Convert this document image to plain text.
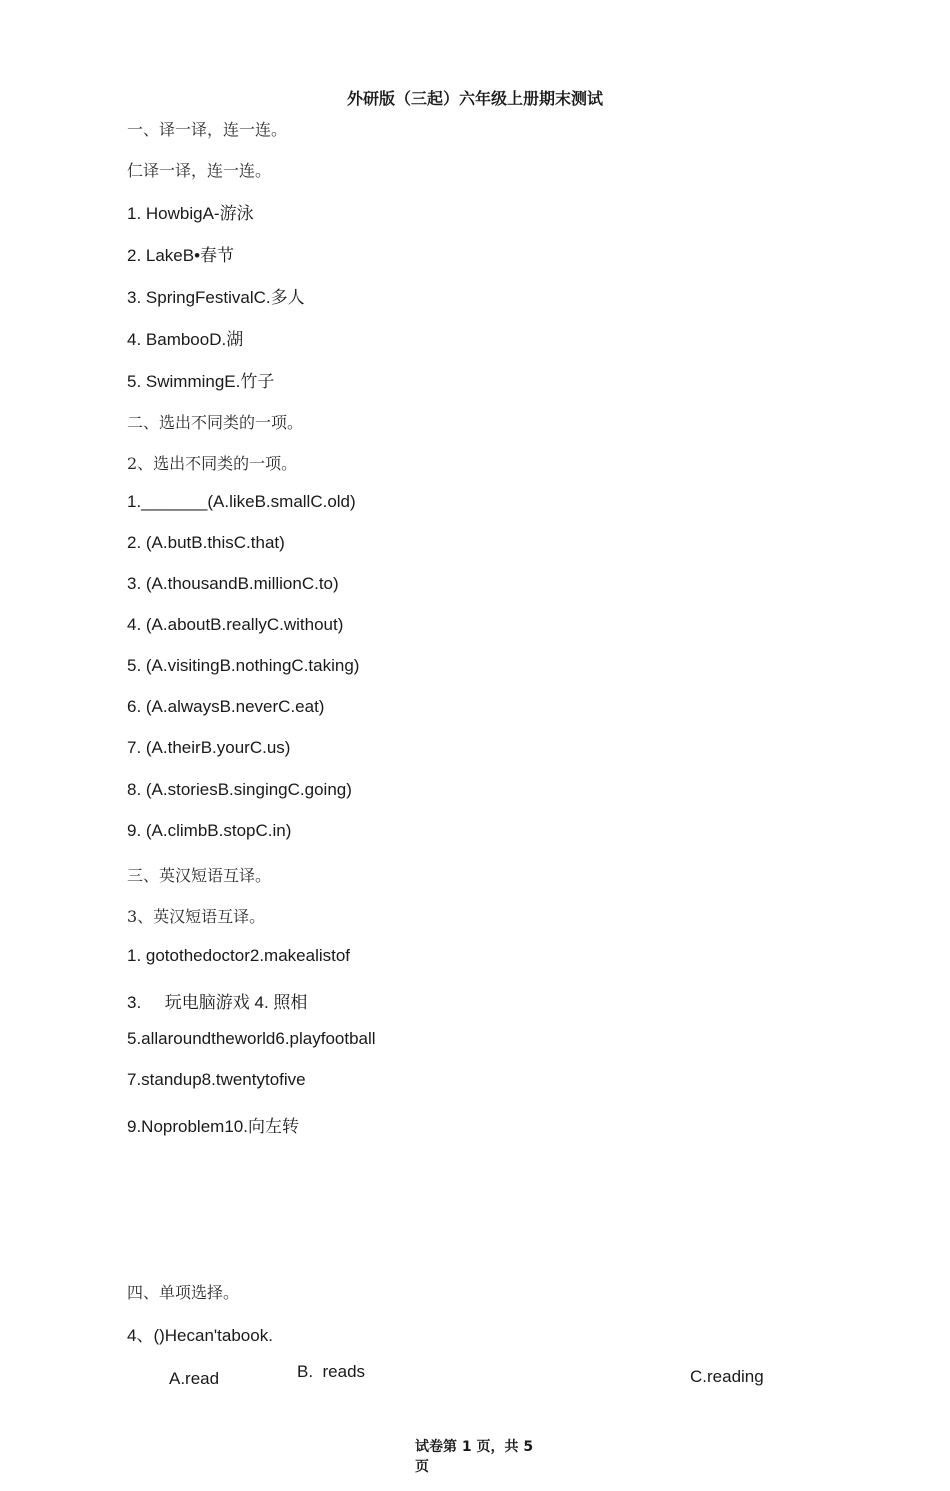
外研版（三起）六年级上册期末测试
一、译一译，连一连。
仁译一译，连一连。
1. HowbigA-游泳
2. LakeB•春节
3. SpringFestivalC.多人
4. BambooD.湖
5. SwimmingE.竹子
二、选出不同类的一项。
2、选出不同类的一项。
1._______(A.likeB.smallC.old)
2. (A.butB.thisC.that)
3. (A.thousandB.millionC.to)
4. (A.aboutB.reallyC.without)
5. (A.visitingB.nothingC.taking)
6. (A.alwaysB.neverC.eat)
7. (A.theirB.yourC.us)
8. (A.storiesB.singingC.going)
9. (A.climbB.stopC.in)
三、英汉短语互译。
3、英汉短语互译。
1. gotothedoctor2.makealistof
3.     玩电脑游戏 4. 照相
5.allaroundtheworld6.playfootball
7.standup8.twentytofive
9.Noproblem10.向左转
四、单项选择。
4、()Hecan'tabook.
A.read	B.  reads	C.reading
试卷第 1 页，共 5
页
